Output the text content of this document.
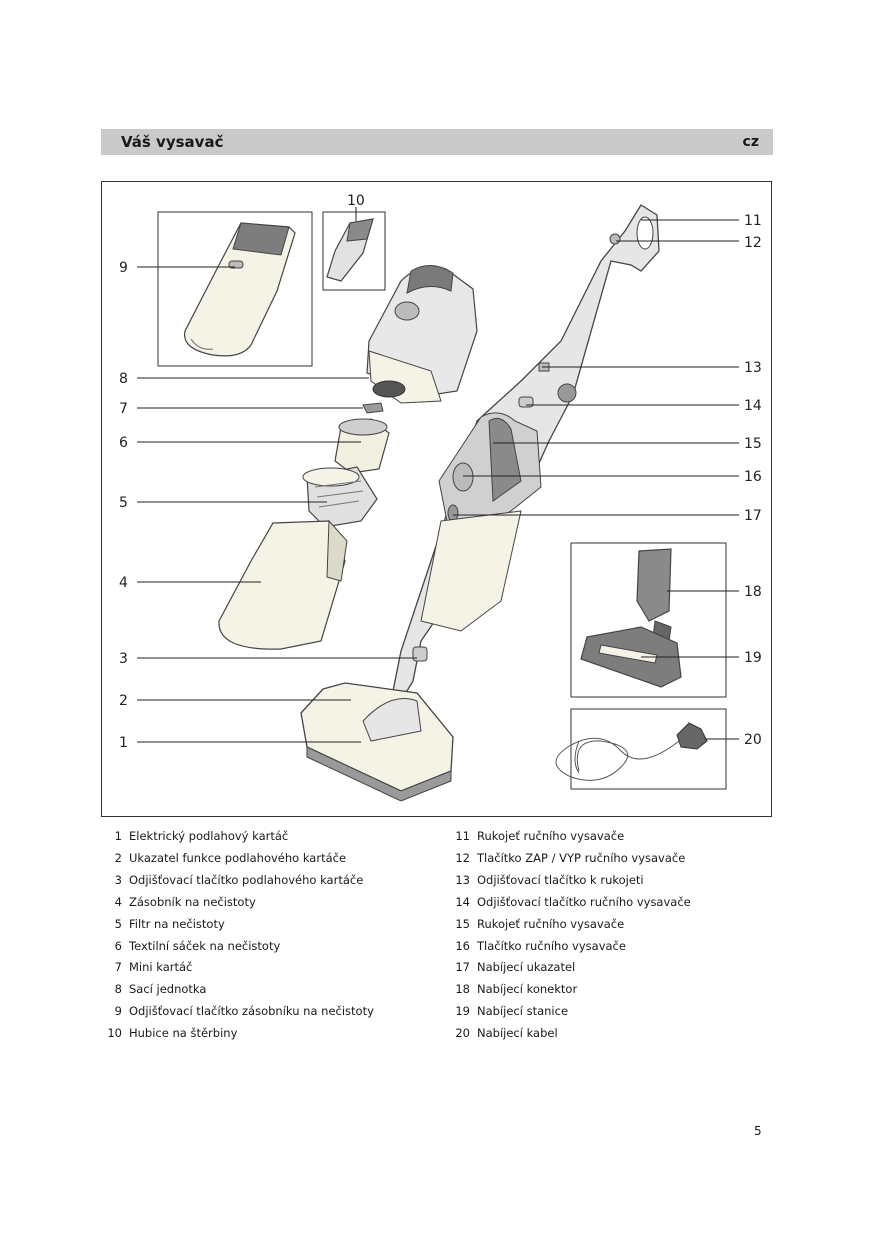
Váš vysavač	cz
9
10
8
7
6
5
4
3
2
1
11
12
13
14
15
16
17
18
19
20
1 Elektrický podlahový kartáč
2 Ukazatel funkce podlahového kartáče
3 Odjišťovací tlačítko podlahového kartáče
4 Zásobník na nečistoty
5 Filtr na nečistoty
6 Textilní sáček na nečistoty
7 Mini kartáč
8 Sací jednotka
9 Odjišťovací tlačítko zásobníku na nečistoty
10 Hubice na štěrbiny
11 Rukojeť ručního vysavače
12 Tlačítko ZAP / VYP ručního vysavače
13 Odjišťovací tlačítko k rukojeti
14 Odjišťovací tlačítko ručního vysavače
15 Rukojeť ručního vysavače
16 Tlačítko ručního vysavače
17 Nabíjecí ukazatel
18 Nabíjecí konektor
19 Nabíjecí stanice
20 Nabíjecí kabel
5
